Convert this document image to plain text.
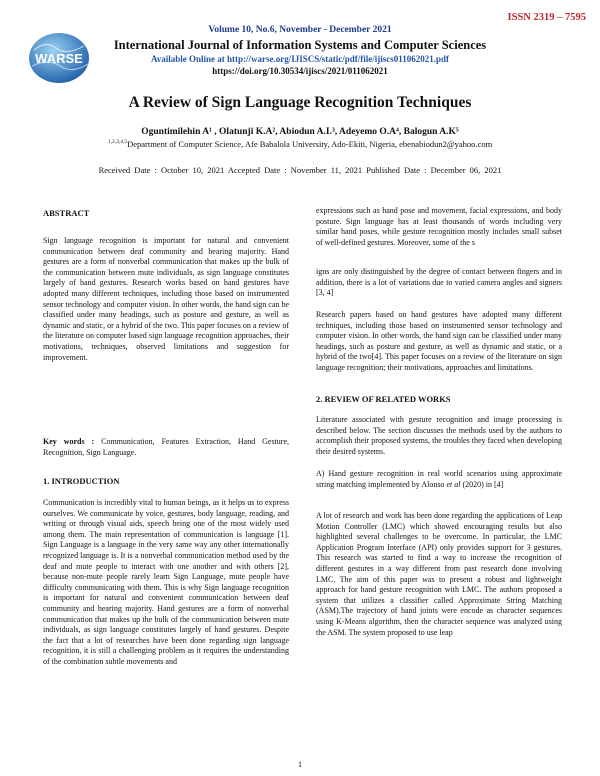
ISSN 2319 – 7595
WARSE
Volume 10, No.6, November - December 2021
International Journal of Information Systems and Computer Sciences
Available Online at http://warse.org/IJISCS/static/pdf/file/ijiscs011062021.pdf
https://doi.org/10.30534/ijiscs/2021/011062021
A Review of Sign Language Recognition Techniques
Oguntimilehin A¹ , Olatunji K.A², Abiodun A.I.³, Adeyemo O.A⁴, Balogun A.K⁵
$^{1,2,3,4,5}$Department of Computer Science, Afe Babalola University, Ado-Ekiti, Nigeria, ebenabiodun2@yahoo.com
Received Date : October 10, 2021 Accepted Date : November 11, 2021 Published Date : December 06, 2021
ABSTRACT
Sign language recognition is important for natural and convenient communication between deaf community and hearing majority. Hand gestures are a form of nonverbal communication that makes up the bulk of the communication between mute individuals, as sign language constitutes largely of hand gestures. Research works based on hand gestures have adopted many different techniques, including those based on instrumented sensor technology and computer vision. In other words, the hand sign can be classified under many headings, such as posture and gesture, as well as dynamic and static, or a hybrid of the two. This paper focuses on a review of the literature on computer based sign language recognition approaches, their motivations, techniques, observed limitations and suggestion for improvement.
Key words : Communication, Features Extraction, Hand Gesture, Recognition, Sign Language.
1. INTRODUCTION
Communication is incredibly vital to human beings, as it helps us to express ourselves. We communicate by voice, gestures, body language, reading, and writing or through visual aids, speech being one of the most widely used among them. The main representation of communication is language [1]. Sign Language is a language in the very same way any other internationally recognized language is. It is a nonverbal communication method used by the deaf and mute people to interact with one another and with others [2], because non-mute people rarely learn Sign Language, mute people have difficulty communicating with them. This is why Sign language recognition is important for natural and convenient communication between deaf community and hearing majority. Hand gestures are a form of nonverbal communication that makes up the bulk of the communication between mute individuals, as sign language constitutes largely of hand gestures. Despite the fact that a lot of researches have been done regarding sign language recognition, it is still a challenging problem as it requires the understanding of the combination subtle movements and
expressions such as hand pose and movement, facial expressions, and body posture. Sign language has at least thousands of words including very similar hand poses, while gesture recognition mostly includes small subset of well-defined gestures. Moreover, some of the s
igns are only distinguished by the degree of contact between fingers and in addition, there is a lot of variations due to varied camera angles and signers [3, 4]
Research papers based on hand gestures have adopted many different techniques, including those based on instrumented sensor technology and computer vision. In other words, the hand sign can be classified under many headings, such as posture and gesture, as well as dynamic and static, or a hybrid of the two[4]. This paper focuses on a review of the literature on sign language recognition; their motivations, approaches and limitations.
2. REVIEW OF RELATED WORKS
Literature associated with gesture recognition and image processing is described below. The section discusses the methods used by the authors to accomplish their proposed systems, the troubles they faced when developing their desired systems.
A) Hand gesture recognition in real world scenarios using approximate string matching implemented by Alonso et al (2020) in [4]
A lot of research and work has been done regarding the applications of Leap Motion Controller (LMC) which showed encouraging results but also highlighted several challenges to be overcome. In particular, the LMC Application Program Interface (API) only provides support for 3 gestures. This research was started to find a way to increase the recognition of different gestures in a way different from past research done involving LMC. The aim of this paper was to present a robust and lightweight approach for hand gesture recognition with LMC. The authors proposed a system that utilizes a classifier called Approximate String Matching (ASM).The trajectory of hand joints were encode as character sequences using K-Means algorithm, then the character sequence was analyzed using the ASM. The system proposed to use leap
1
